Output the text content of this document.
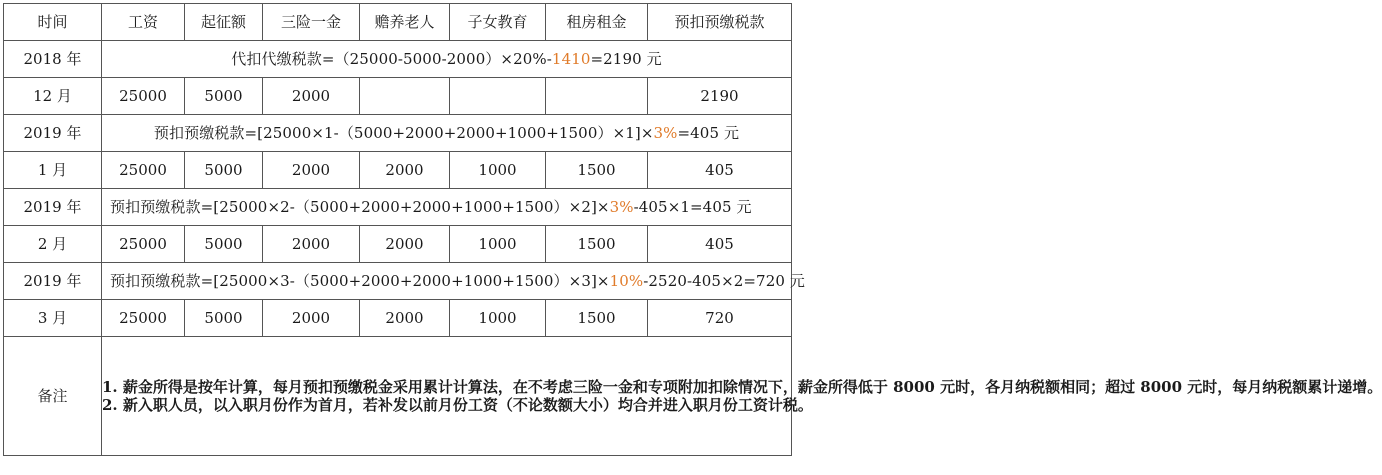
时间	工资	起征额	三险一金	赡养老人	子女教育	租房租金	预扣预缴税款
2018 年	代扣代缴税款=（25000-5000-2000）×20%-1410=2190 元						
12 月	25000	5000	2000				2190
2019 年	预扣预缴税款=[25000×1-（5000+2000+2000+1000+1500）×1]×3%=405 元						
1 月	25000	5000	2000	2000	1000	1500	405
2019 年	预扣预缴税款=[25000×2-（5000+2000+2000+1000+1500）×2]×3%-405×1=405 元						
2 月	25000	5000	2000	2000	1000	1500	405
2019 年	预扣预缴税款=[25000×3-（5000+2000+2000+1000+1500）×3]×10%-2520-405×2=720 元						
3 月	25000	5000	2000	2000	1000	1500	720
备注	1. 薪金所得是按年计算，每月预扣预缴税金采用累计计算法，在不考虑三险一金和专项附加扣除情况下，薪金所得低于 8000 元时，各月纳税额相同；超过 8000 元时，每月纳税额累计递增。
2. 新入职人员，以入职月份作为首月，若补发以前月份工资（不论数额大小）均合并进入职月份工资计税。						
